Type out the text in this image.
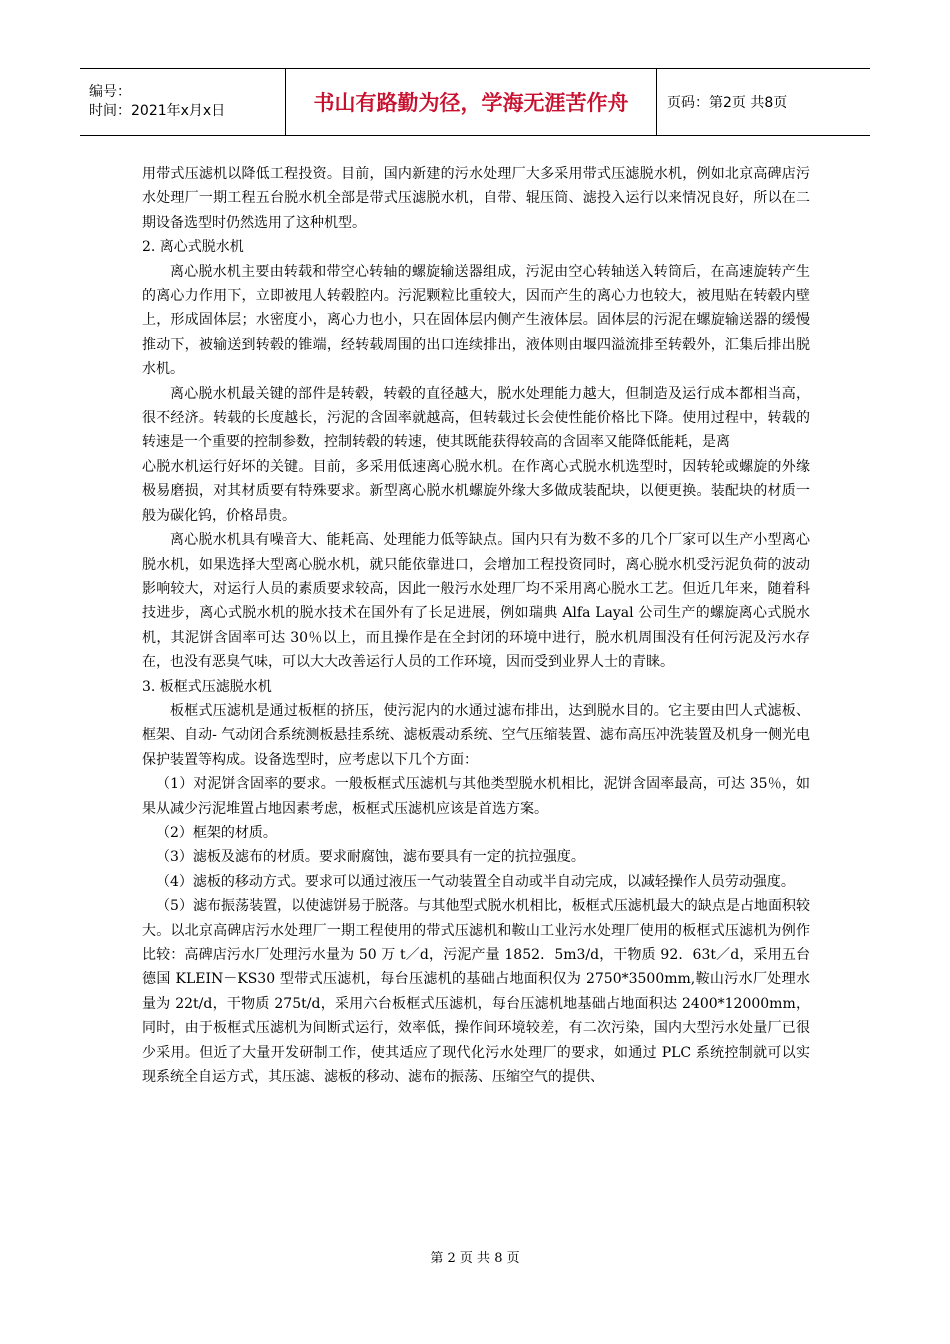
编号：
时间：2021年x月x日	书山有路勤为径，学海无涯苦作舟	页码：第2页 共8页

用带式压滤机以降低工程投资。目前，国内新建的污水处理厂大多采用带式压滤脱水机，例如北京高碑店污水处理厂一期工程五台脱水机全部是带式压滤脱水机，自带、辊压筒、滤投入运行以来情况良好，所以在二期设备选型时仍然选用了这种机型。

2. 离心式脱水机

离心脱水机主要由转载和带空心转轴的螺旋输送器组成，污泥由空心转轴送入转筒后，在高速旋转产生的离心力作用下，立即被甩人转毂腔内。污泥颗粒比重较大，因而产生的离心力也较大，被甩贴在转毂内壁上，形成固体层；水密度小，离心力也小，只在固体层内侧产生液体层。固体层的污泥在螺旋输送器的缓慢推动下，被输送到转毂的锥端，经转载周围的出口连续排出，液体则由堰四溢流排至转毂外，汇集后排出脱水机。

离心脱水机最关键的部件是转毂，转毂的直径越大，脱水处理能力越大，但制造及运行成本都相当高，很不经济。转载的长度越长，污泥的含固率就越高，但转载过长会使性能价格比下降。使用过程中，转载的转速是一个重要的控制参数，控制转毂的转速，使其既能获得较高的含固率又能降低能耗，是离

心脱水机运行好坏的关键。目前，多采用低速离心脱水机。在作离心式脱水机选型时，因转轮或螺旋的外缘极易磨损，对其材质要有特殊要求。新型离心脱水机螺旋外缘大多做成装配块，以便更换。装配块的材质一般为碳化钨，价格昂贵。

离心脱水机具有噪音大、能耗高、处理能力低等缺点。国内只有为数不多的几个厂家可以生产小型离心脱水机，如果选择大型离心脱水机，就只能依靠进口，会增加工程投资同时，离心脱水机受污泥负荷的波动影响较大，对运行人员的素质要求较高，因此一般污水处理厂均不采用离心脱水工艺。但近几年来，随着科技进步，离心式脱水机的脱水技术在国外有了长足进展，例如瑞典 Alfa Layal 公司生产的螺旋离心式脱水机，其泥饼含固率可达 30％以上，而且操作是在全封闭的环境中进行，脱水机周围没有任何污泥及污水存在，也没有恶臭气味，可以大大改善运行人员的工作环境，因而受到业界人士的青睐。

3. 板框式压滤脱水机

板框式压滤机是通过板框的挤压，使污泥内的水通过滤布排出，达到脱水目的。它主要由凹人式滤板、框架、自动- 气动闭合系统测板悬挂系统、滤板震动系统、空气压缩装置、滤布高压冲洗装置及机身一侧光电保护装置等构成。设备选型时，应考虑以下几个方面：

（1）对泥饼含固率的要求。一般板框式压滤机与其他类型脱水机相比，泥饼含固率最高，可达 35％，如果从减少污泥堆置占地因素考虑，板框式压滤机应该是首选方案。

（2）框架的材质。

（3）滤板及滤布的材质。要求耐腐蚀，滤布要具有一定的抗拉强度。

（4）滤板的移动方式。要求可以通过液压一气动装置全自动或半自动完成，以减轻操作人员劳动强度。

（5）滤布振荡装置，以使滤饼易于脱落。与其他型式脱水机相比，板框式压滤机最大的缺点是占地面积较大。以北京高碑店污水处理厂一期工程使用的带式压滤机和鞍山工业污水处理厂使用的板框式压滤机为例作比较：高碑店污水厂处理污水量为 50 万 t／d，污泥产量 1852．5m3/d，干物质 92．63t／d，采用五台德国 KLEIN－KS30 型带式压滤机，每台压滤机的基础占地面积仅为 2750*3500mm,鞍山污水厂处理水量为 22t/d，干物质 275t/d，采用六台板框式压滤机，每台压滤机地基础占地面积达 2400*12000mm，同时，由于板框式压滤机为间断式运行，效率低，操作间环境较差，有二次污染，国内大型污水处量厂已很少采用。但近了大量开发研制工作，使其适应了现代化污水处理厂的要求，如通过 PLC 系统控制就可以实现系统全自运方式，其压滤、滤板的移动、滤布的振荡、压缩空气的提供、

第 2 页 共 8 页
